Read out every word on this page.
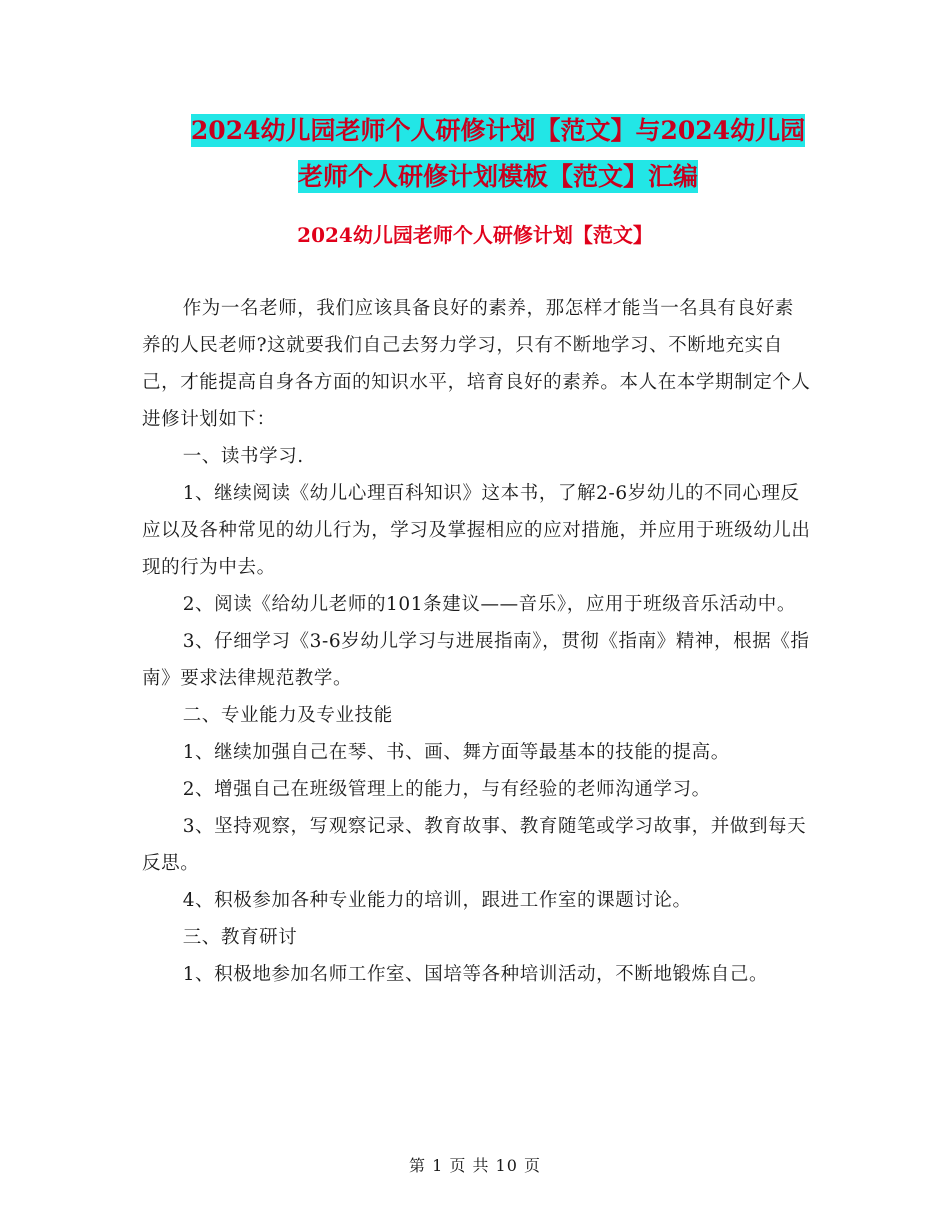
2024幼儿园老师个人研修计划【范文】与2024幼儿园
老师个人研修计划模板【范文】汇编
2024幼儿园老师个人研修计划【范文】

作为一名老师，我们应该具备良好的素养，那怎样才能当一名具有良好素养的人民老师?这就要我们自己去努力学习，只有不断地学习、不断地充实自己，才能提高自身各方面的知识水平，培育良好的素养。本人在本学期制定个人进修计划如下：

一、读书学习.

1、继续阅读《幼儿心理百科知识》这本书，了解2-6岁幼儿的不同心理反应以及各种常见的幼儿行为，学习及掌握相应的应对措施，并应用于班级幼儿出现的行为中去。

2、阅读《给幼儿老师的101条建议——音乐》，应用于班级音乐活动中。

3、仔细学习《3-6岁幼儿学习与进展指南》，贯彻《指南》精神，根据《指南》要求法律规范教学。

二、专业能力及专业技能

1、继续加强自己在琴、书、画、舞方面等最基本的技能的提高。

2、增强自己在班级管理上的能力，与有经验的老师沟通学习。

3、坚持观察，写观察记录、教育故事、教育随笔或学习故事，并做到每天反思。

4、积极参加各种专业能力的培训，跟进工作室的课题讨论。

三、教育研讨

1、积极地参加名师工作室、国培等各种培训活动，不断地锻炼自己。

第 1 页 共 10 页
